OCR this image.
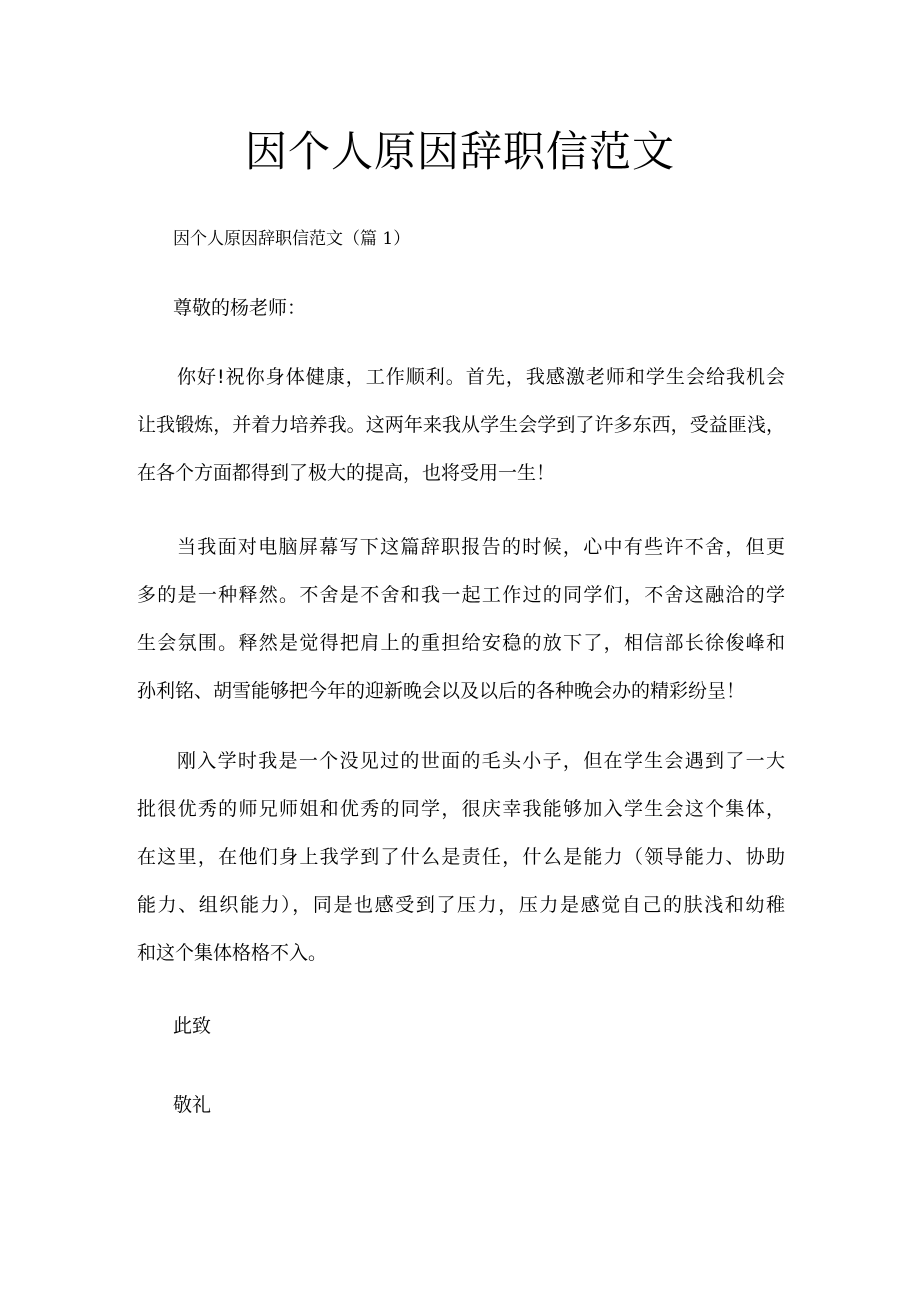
因个人原因辞职信范文
因个人原因辞职信范文（篇 1）
尊敬的杨老师：
你好!祝你身体健康，工作顺利。首先，我感激老师和学生会给我机会
让我锻炼，并着力培养我。这两年来我从学生会学到了许多东西，受益匪浅，
在各个方面都得到了极大的提高，也将受用一生！
当我面对电脑屏幕写下这篇辞职报告的时候，心中有些许不舍，但更
多的是一种释然。不舍是不舍和我一起工作过的同学们，不舍这融洽的学
生会氛围。释然是觉得把肩上的重担给安稳的放下了，相信部长徐俊峰和
孙利铭、胡雪能够把今年的迎新晚会以及以后的各种晚会办的精彩纷呈！
刚入学时我是一个没见过的世面的毛头小子，但在学生会遇到了一大
批很优秀的师兄师姐和优秀的同学，很庆幸我能够加入学生会这个集体，
在这里，在他们身上我学到了什么是责任，什么是能力（领导能力、协助
能力、组织能力），同是也感受到了压力，压力是感觉自己的肤浅和幼稚
和这个集体格格不入。
此致
敬礼
